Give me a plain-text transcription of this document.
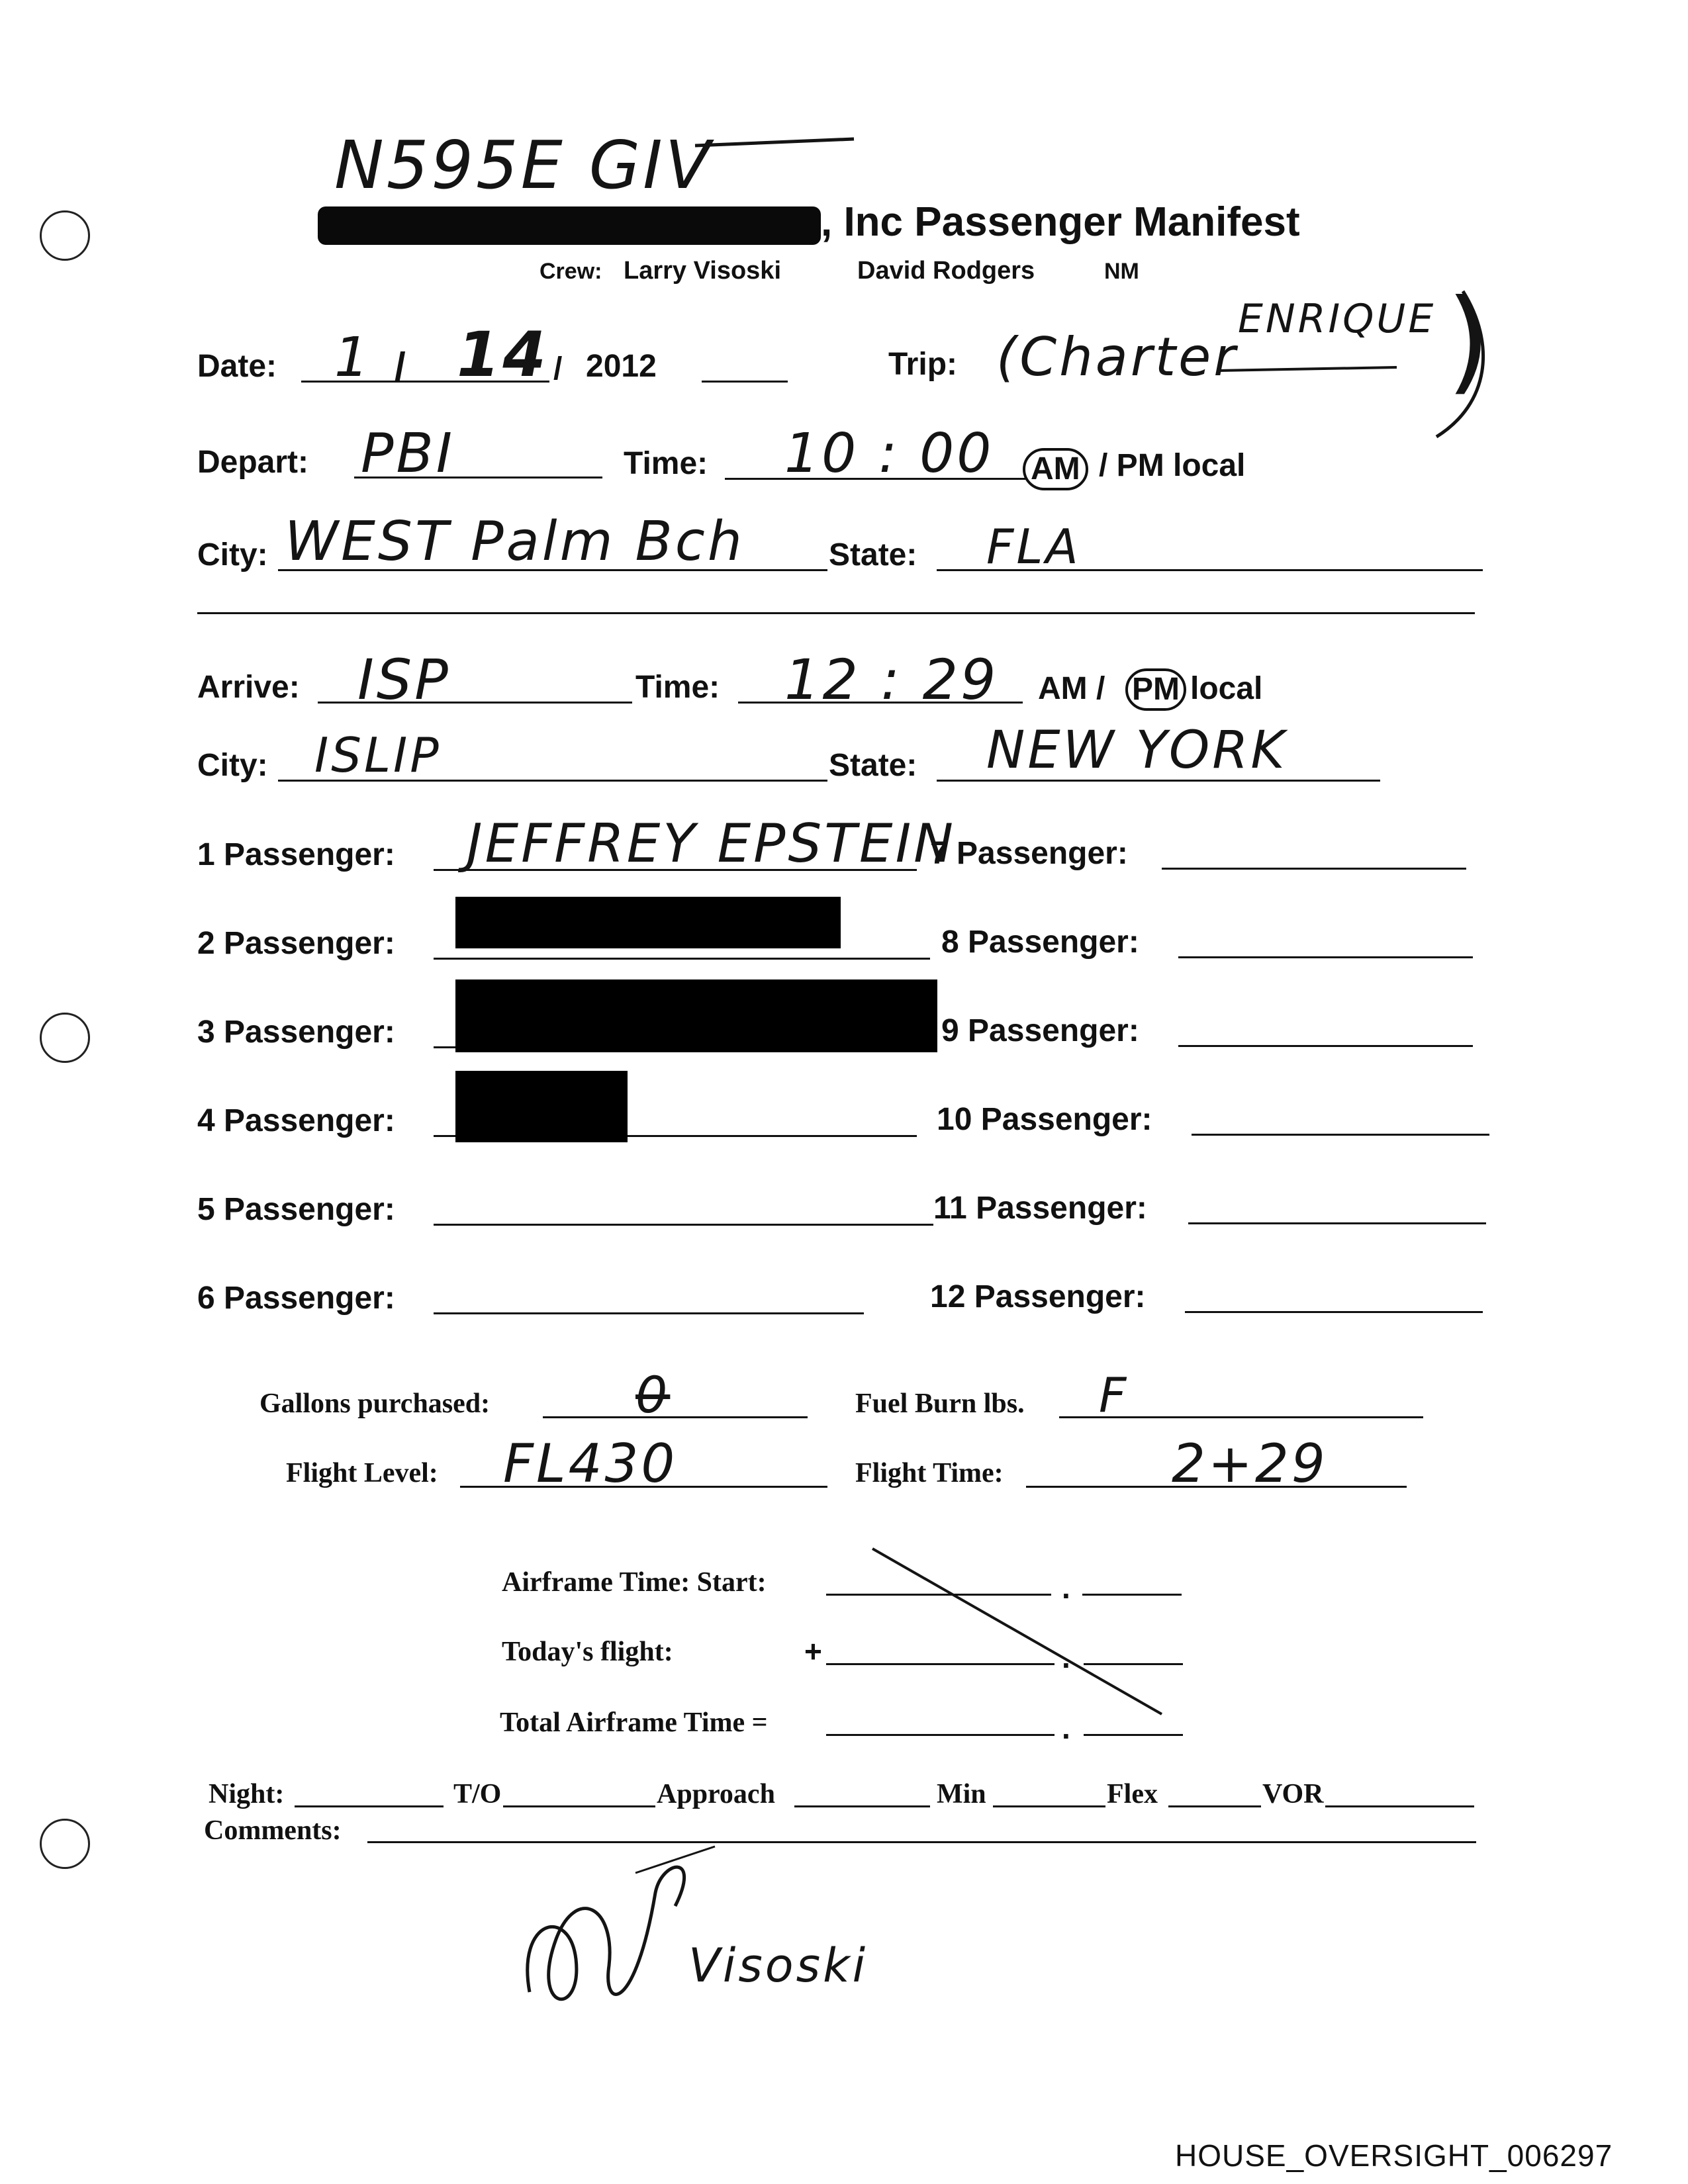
N595E GIV
, Inc Passenger Manifest
Crew: Larry Visoski	David Rodgers	NM
Date: 1 / 14 / 2012	Trip: (Charter
ENRIQUE )
Depart: PBI	Time: 10 : 00 AM / PM local
City: WEST Palm Bch	State: FLA
Arrive: ISP	Time: 12 : 29 AM / PM local
City: ISLIP	State: NEW YORK
1 Passenger: JEFFREY EPSTEIN
2 Passenger:
3 Passenger:
4 Passenger:
5 Passenger:
6 Passenger:
7 Passenger:
8 Passenger:
9 Passenger:
10 Passenger:
11 Passenger:
12 Passenger:
Gallons purchased:	0	Fuel Burn lbs. F
Flight Level: FL430	Flight Time:	2+29
Airframe Time: Start:	.
Today's flight:	+	.
Total Airframe Time =	.
Night:	T/O	Approach	Min	Flex	VOR
Comments:
Visoski
HOUSE_OVERSIGHT_006297
